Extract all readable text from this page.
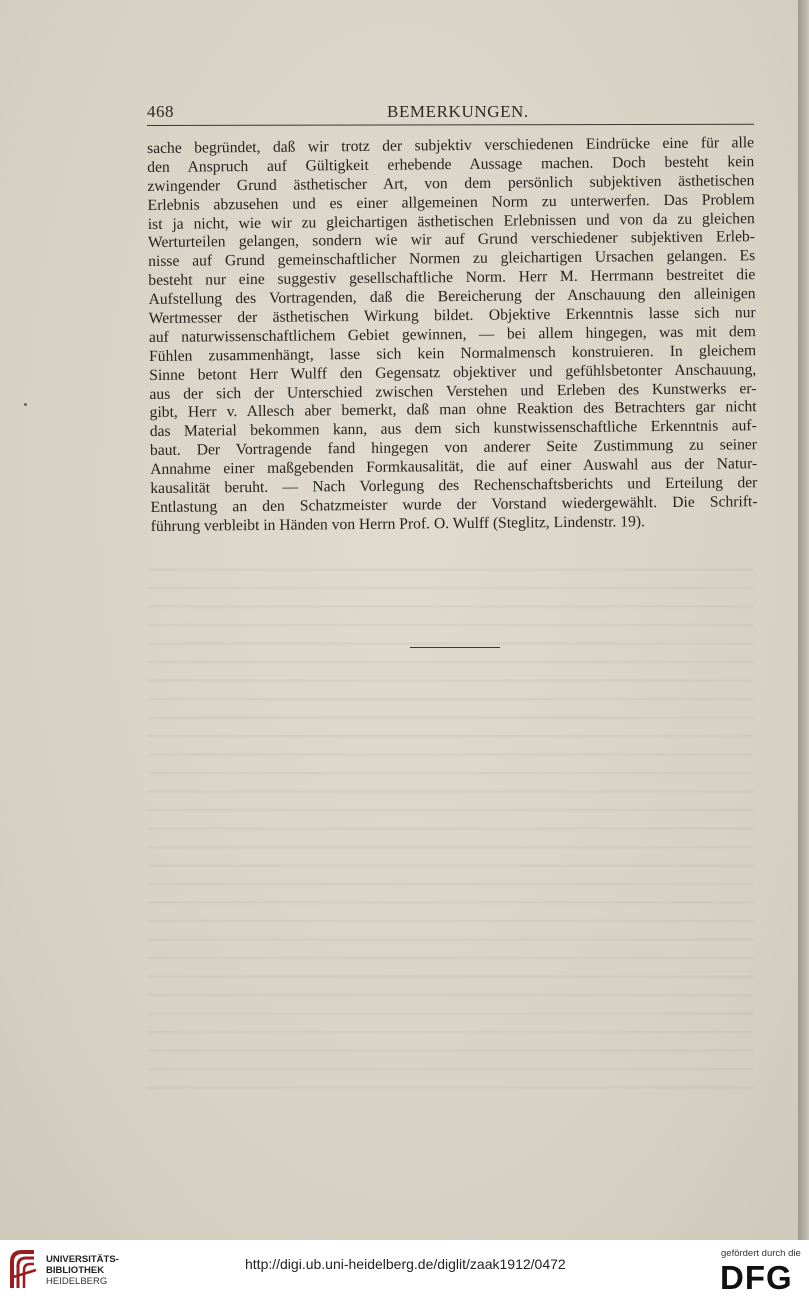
468	BEMERKUNGEN.
sache begründet, daß wir trotz der subjektiv verschiedenen Eindrücke eine für alle
den Anspruch auf Gültigkeit erhebende Aussage machen. Doch besteht kein
zwingender Grund ästhetischer Art, von dem persönlich subjektiven ästhetischen
Erlebnis abzusehen und es einer allgemeinen Norm zu unterwerfen. Das Problem
ist ja nicht, wie wir zu gleichartigen ästhetischen Erlebnissen und von da zu gleichen
Werturteilen gelangen, sondern wie wir auf Grund verschiedener subjektiven Erleb-
nisse auf Grund gemeinschaftlicher Normen zu gleichartigen Ursachen gelangen. Es
besteht nur eine suggestiv gesellschaftliche Norm. Herr M. Herrmann bestreitet die
Aufstellung des Vortragenden, daß die Bereicherung der Anschauung den alleinigen
Wertmesser der ästhetischen Wirkung bildet. Objektive Erkenntnis lasse sich nur
auf naturwissenschaftlichem Gebiet gewinnen, — bei allem hingegen, was mit dem
Fühlen zusammenhängt, lasse sich kein Normalmensch konstruieren. In gleichem
Sinne betont Herr Wulff den Gegensatz objektiver und gefühlsbetonter Anschauung,
aus der sich der Unterschied zwischen Verstehen und Erleben des Kunstwerks er-
gibt, Herr v. Allesch aber bemerkt, daß man ohne Reaktion des Betrachters gar nicht
das Material bekommen kann, aus dem sich kunstwissenschaftliche Erkenntnis auf-
baut. Der Vortragende fand hingegen von anderer Seite Zustimmung zu seiner
Annahme einer maßgebenden Formkausalität, die auf einer Auswahl aus der Natur-
kausalität beruht. — Nach Vorlegung des Rechenschaftsberichts und Erteilung der
Entlastung an den Schatzmeister wurde der Vorstand wiedergewählt. Die Schrift-
führung verbleibt in Händen von Herrn Prof. O. Wulff (Steglitz, Lindenstr. 19).
UNIVERSITÄTS-
BIBLIOTHEK
HEIDELBERG
http://digi.ub.uni-heidelberg.de/diglit/zaak1912/0472
gefördert durch die
DFG
